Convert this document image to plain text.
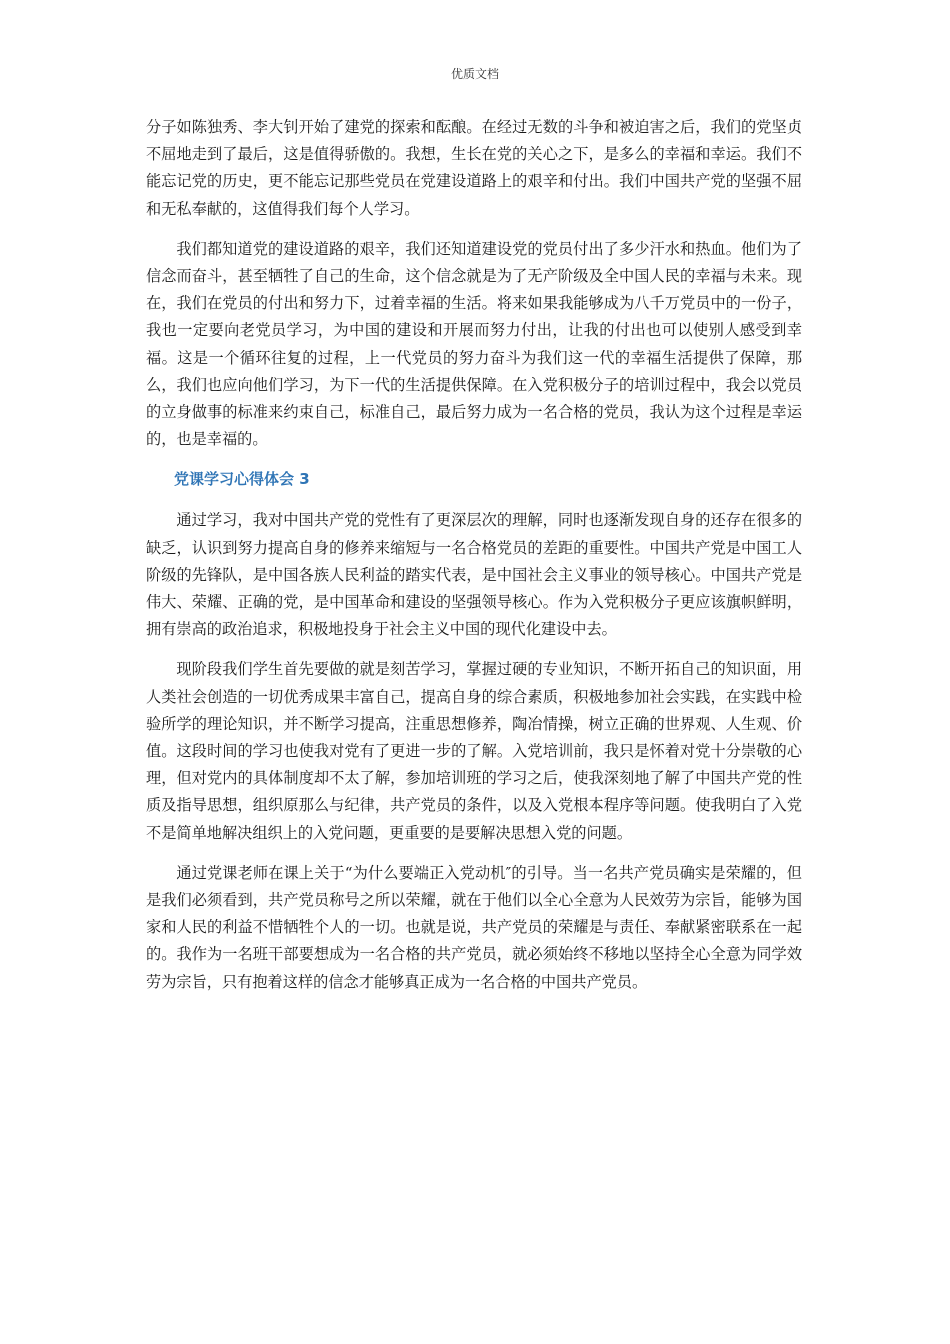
优质文档

分子如陈独秀、李大钊开始了建党的探索和酝酿。在经过无数的斗争和被迫害之后，我们的党坚贞不屈地走到了最后，这是值得骄傲的。我想，生长在党的关心之下，是多么的幸福和幸运。我们不能忘记党的历史，更不能忘记那些党员在党建设道路上的艰辛和付出。我们中国共产党的坚强不屈和无私奉献的，这值得我们每个人学习。

我们都知道党的建设道路的艰辛，我们还知道建设党的党员付出了多少汗水和热血。他们为了信念而奋斗，甚至牺牲了自己的生命，这个信念就是为了无产阶级及全中国人民的幸福与未来。现在，我们在党员的付出和努力下，过着幸福的生活。将来如果我能够成为八千万党员中的一份子，我也一定要向老党员学习，为中国的建设和开展而努力付出，让我的付出也可以使别人感受到幸福。这是一个循环往复的过程，上一代党员的努力奋斗为我们这一代的幸福生活提供了保障，那么，我们也应向他们学习，为下一代的生活提供保障。在入党积极分子的培训过程中，我会以党员的立身做事的标准来约束自己，标准自己，最后努力成为一名合格的党员，我认为这个过程是幸运的，也是幸福的。

党课学习心得体会 3

通过学习，我对中国共产党的党性有了更深层次的理解，同时也逐渐发现自身的还存在很多的缺乏，认识到努力提高自身的修养来缩短与一名合格党员的差距的重要性。中国共产党是中国工人阶级的先锋队，是中国各族人民利益的踏实代表，是中国社会主义事业的领导核心。中国共产党是伟大、荣耀、正确的党，是中国革命和建设的坚强领导核心。作为入党积极分子更应该旗帜鲜明，拥有崇高的政治追求，积极地投身于社会主义中国的现代化建设中去。

现阶段我们学生首先要做的就是刻苦学习，掌握过硬的专业知识，不断开拓自己的知识面，用人类社会创造的一切优秀成果丰富自己，提高自身的综合素质，积极地参加社会实践，在实践中检验所学的理论知识，并不断学习提高，注重思想修养，陶冶情操，树立正确的世界观、人生观、价值。这段时间的学习也使我对党有了更进一步的了解。入党培训前，我只是怀着对党十分崇敬的心理，但对党内的具体制度却不太了解，参加培训班的学习之后，使我深刻地了解了中国共产党的性质及指导思想，组织原那么与纪律，共产党员的条件，以及入党根本程序等问题。使我明白了入党不是简单地解决组织上的入党问题，更重要的是要解决思想入党的问题。

通过党课老师在课上关于“为什么要端正入党动机″的引导。当一名共产党员确实是荣耀的，但是我们必须看到，共产党员称号之所以荣耀，就在于他们以全心全意为人民效劳为宗旨，能够为国家和人民的利益不惜牺牲个人的一切。也就是说，共产党员的荣耀是与责任、奉献紧密联系在一起的。我作为一名班干部要想成为一名合格的共产党员，就必须始终不移地以坚持全心全意为同学效劳为宗旨，只有抱着这样的信念才能够真正成为一名合格的中国共产党员。
